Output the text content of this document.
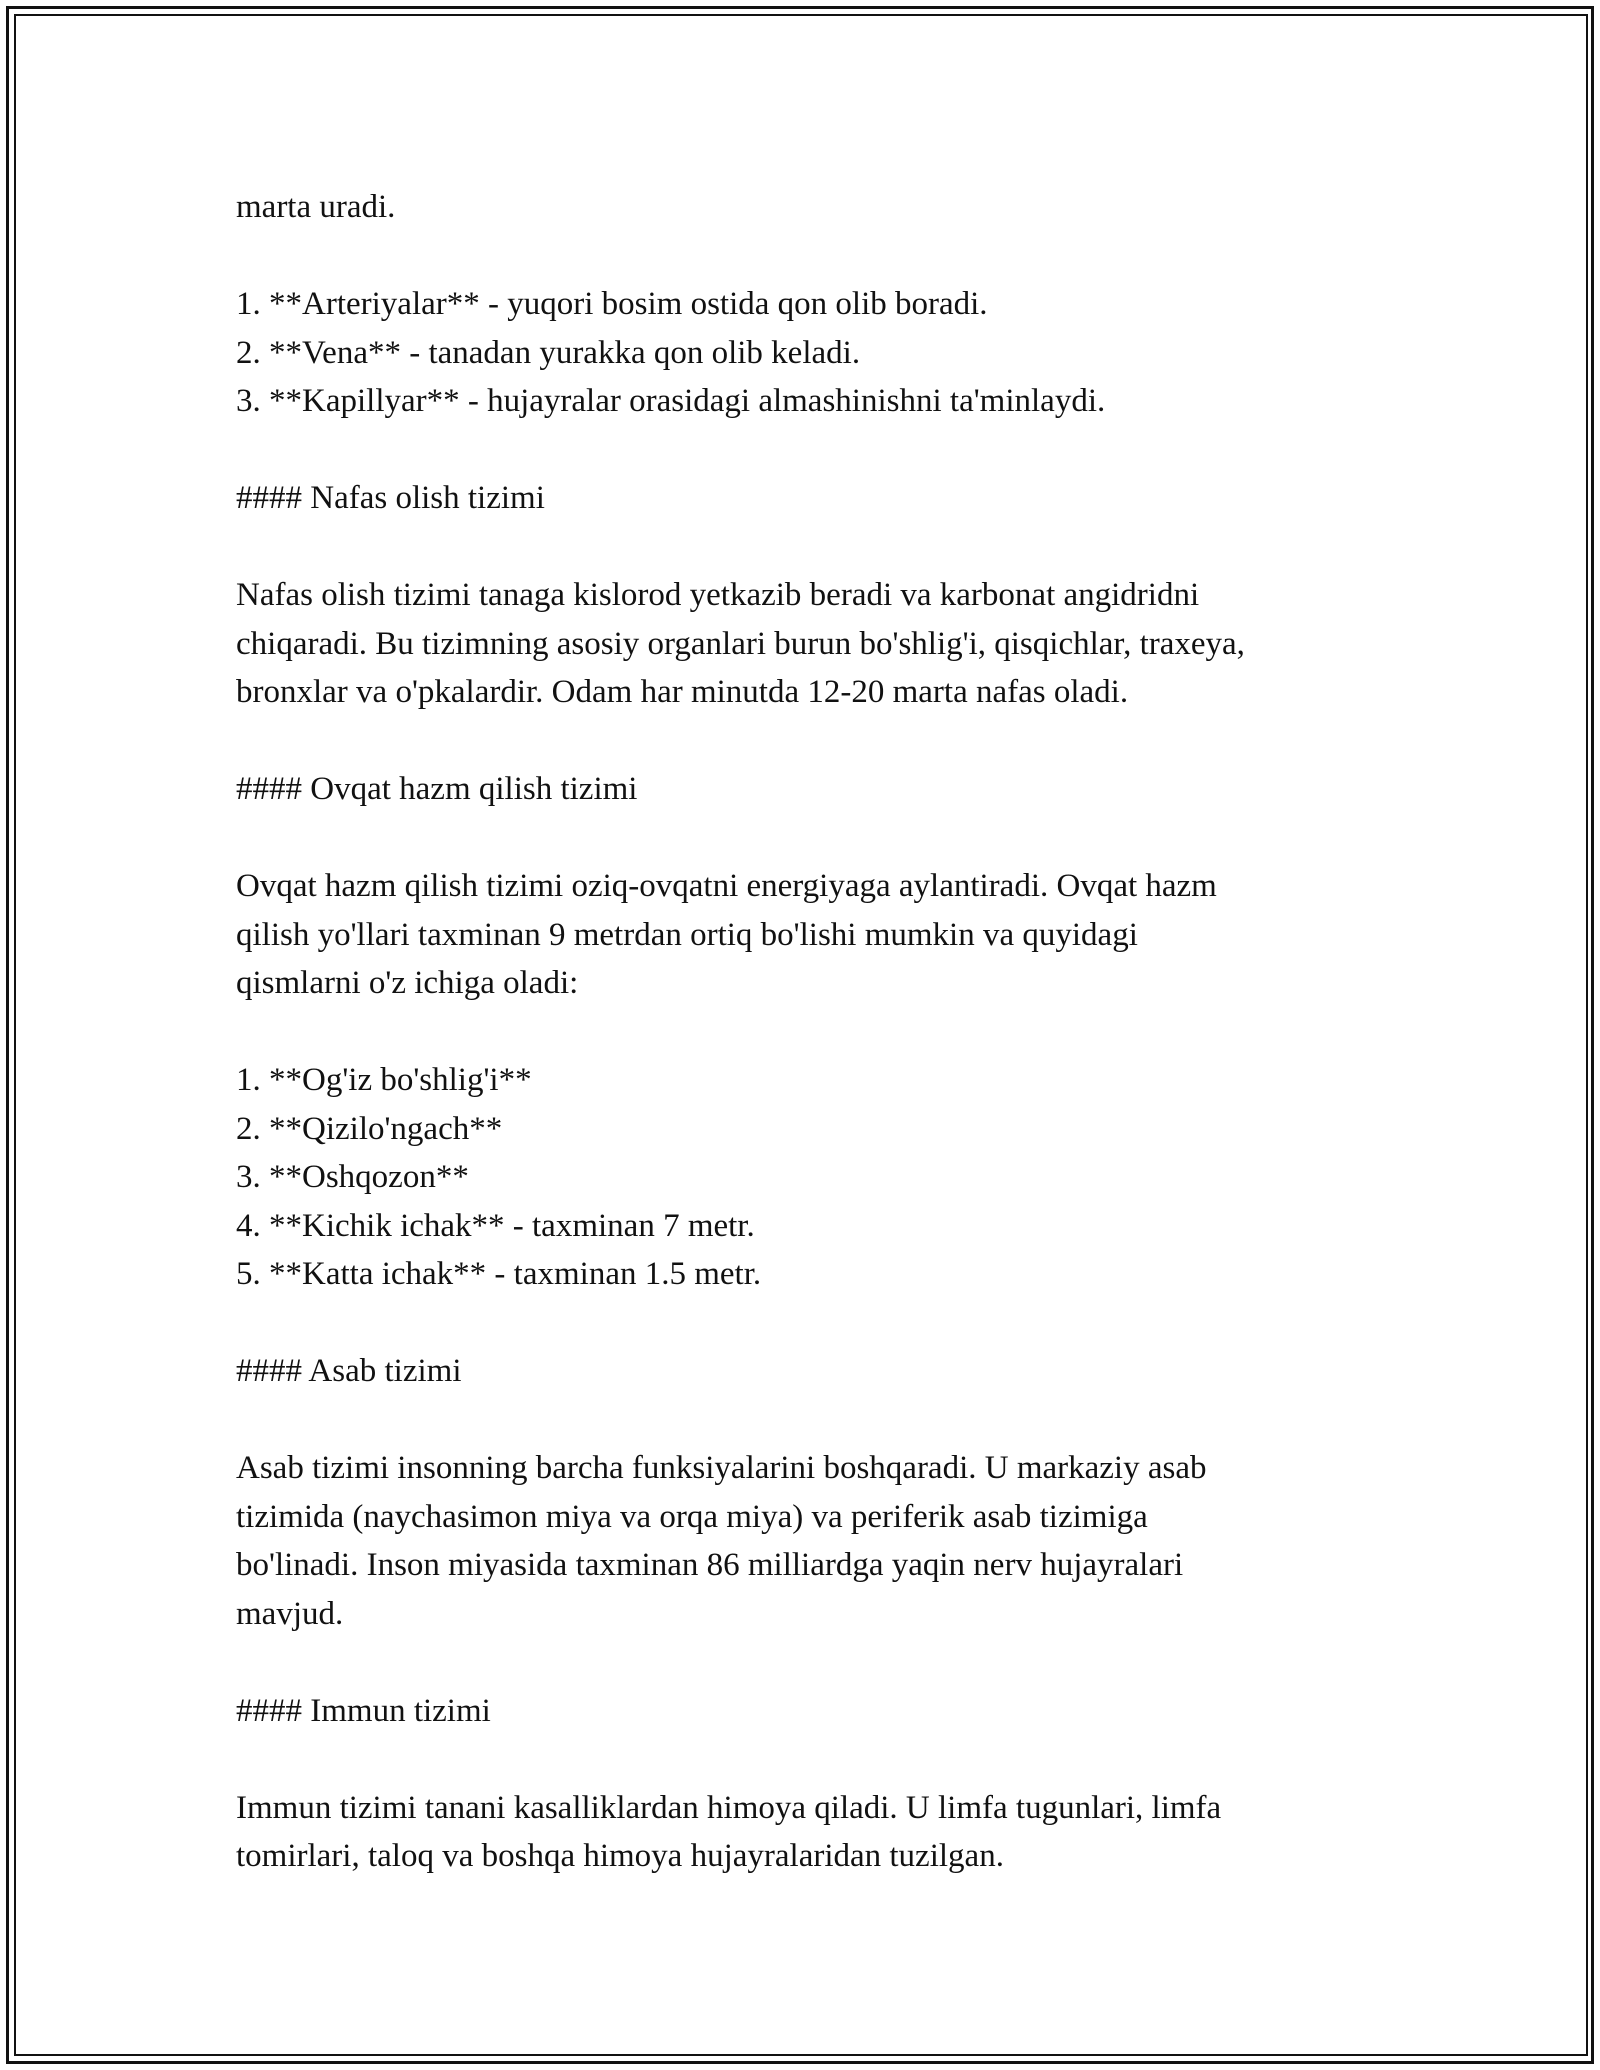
marta uradi.
1. **Arteriyalar** - yuqori bosim ostida qon olib boradi.
2. **Vena** - tanadan yurakka qon olib keladi.
3. **Kapillyar** - hujayralar orasidagi almashinishni ta'minlaydi.
#### Nafas olish tizimi
Nafas olish tizimi tanaga kislorod yetkazib beradi va karbonat angidridni
chiqaradi. Bu tizimning asosiy organlari burun bo'shlig'i, qisqichlar, traxeya,
bronxlar va o'pkalardir. Odam har minutda 12-20 marta nafas oladi.
#### Ovqat hazm qilish tizimi
Ovqat hazm qilish tizimi oziq-ovqatni energiyaga aylantiradi. Ovqat hazm
qilish yo'llari taxminan 9 metrdan ortiq bo'lishi mumkin va quyidagi
qismlarni o'z ichiga oladi:
1. **Og'iz bo'shlig'i**
2. **Qizilo'ngach**
3. **Oshqozon**
4. **Kichik ichak** - taxminan 7 metr.
5. **Katta ichak** - taxminan 1.5 metr.
#### Asab tizimi
Asab tizimi insonning barcha funksiyalarini boshqaradi. U markaziy asab
tizimida (naychasimon miya va orqa miya) va periferik asab tizimiga
bo'linadi. Inson miyasida taxminan 86 milliardga yaqin nerv hujayralari
mavjud.
#### Immun tizimi
Immun tizimi tanani kasalliklardan himoya qiladi. U limfa tugunlari, limfa
tomirlari, taloq va boshqa himoya hujayralaridan tuzilgan.
